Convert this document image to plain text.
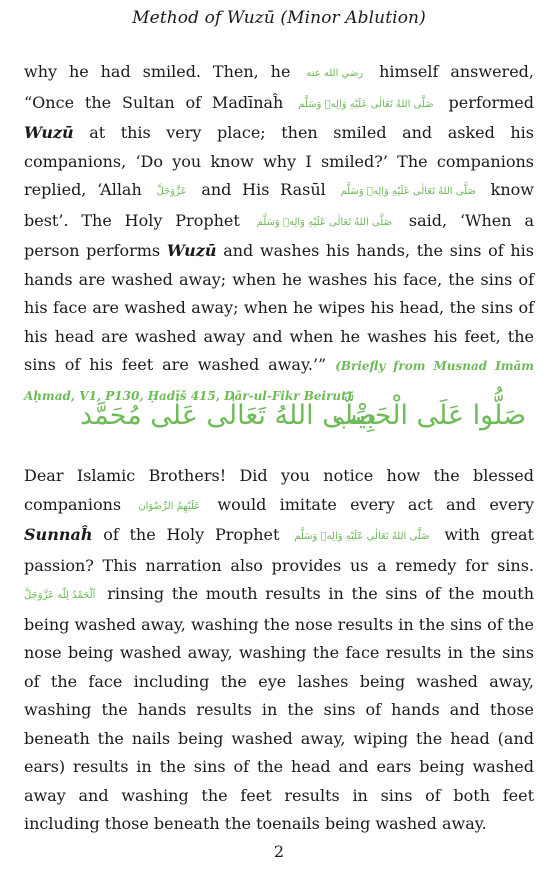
Method of Wuzū (Minor Ablution)
why he had smiled. Then, he رضي الله عنه himself answered, “Once the Sultan of Madīnaĥ صَلَّى اللهُ تَعَالٰى عَلَيْهِ وَالِهٖ وَسَلَّم performed Wuzū at this very place; then smiled and asked his companions, ‘Do you know why I smiled?’ The companions replied, ‘Allah عَزَّوَجَلَّ and His Rasūl صَلَّى اللهُ تَعَالٰى عَلَيْهِ وَالِهٖ وَسَلَّم know best’. The Holy Prophet صَلَّى اللهُ تَعَالٰى عَلَيْهِ وَالِهٖ وَسَلَّم said, ‘When a person performs Wuzū and washes his hands, the sins of his hands are washed away; when he washes his face, the sins of his face are washed away; when he wipes his head, the sins of his head are washed away and when he washes his feet, the sins of his feet are washed away.’” (Briefly from Musnad Imām Aḥmad, V1, P130, Ḥadīš 415, Dār-ul-Fikr Beirut)
صَلُّوا عَلَى الْحَبِيْب
صَلَّى اللهُ تَعَالٰى عَلٰى مُحَمَّد
Dear Islamic Brothers! Did you notice how the blessed companions عَلَيْهِمُ الرِّضْوَان would imitate every act and every Sunnaĥ of the Holy Prophet صَلَّى اللهُ تَعَالٰى عَلَيْهِ وَالِهٖ وَسَلَّم with great passion? This narration also provides us a remedy for sins. اَلْحَمْدُ لِلّٰه عَزَّوَجَلَّ rinsing the mouth results in the sins of the mouth being washed away, washing the nose results in the sins of the nose being washed away, washing the face results in the sins of the face including the eye lashes being washed away, washing the hands results in the sins of hands and those beneath the nails being washed away, wiping the head (and ears) results in the sins of the head and ears being washed away and washing the feet results in sins of both feet including those beneath the toenails being washed away.
2
